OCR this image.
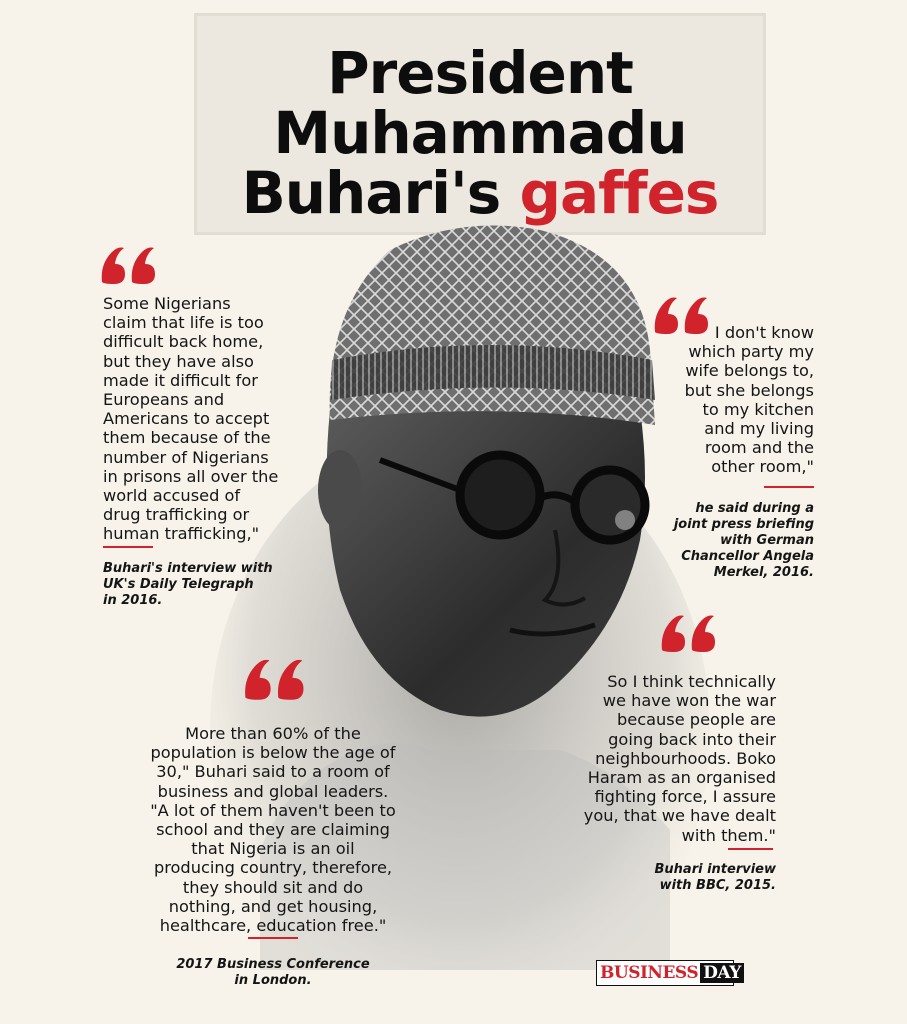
President
Muhammadu
Buhari's gaffes
Some Nigerians
claim that life is too
difficult back home,
but they have also
made it difficult for
Europeans and
Americans to accept
them because of the
number of Nigerians
in prisons all over the
world accused of
drug trafficking or
human trafficking,"
Buhari's interview with
UK's Daily Telegraph
in 2016.
I don't know
which party my
wife belongs to,
but she belongs
to my kitchen
and my living
room and the
other room,"
he said during a
joint press briefing
with German
Chancellor Angela
Merkel, 2016.
So I think technically
we have won the war
because people are
going back into their
neighbourhoods. Boko
Haram as an organised
fighting force, I assure
you, that we have dealt
with them."
Buhari interview
with BBC, 2015.
More than 60% of the
population is below the age of
30," Buhari said to a room of
business and global leaders.
"A lot of them haven't been to
school and they are claiming
that Nigeria is an oil
producing country, therefore,
they should sit and do
nothing, and get housing,
healthcare, education free."
2017 Business Conference
in London.	BUSINESS DAY
